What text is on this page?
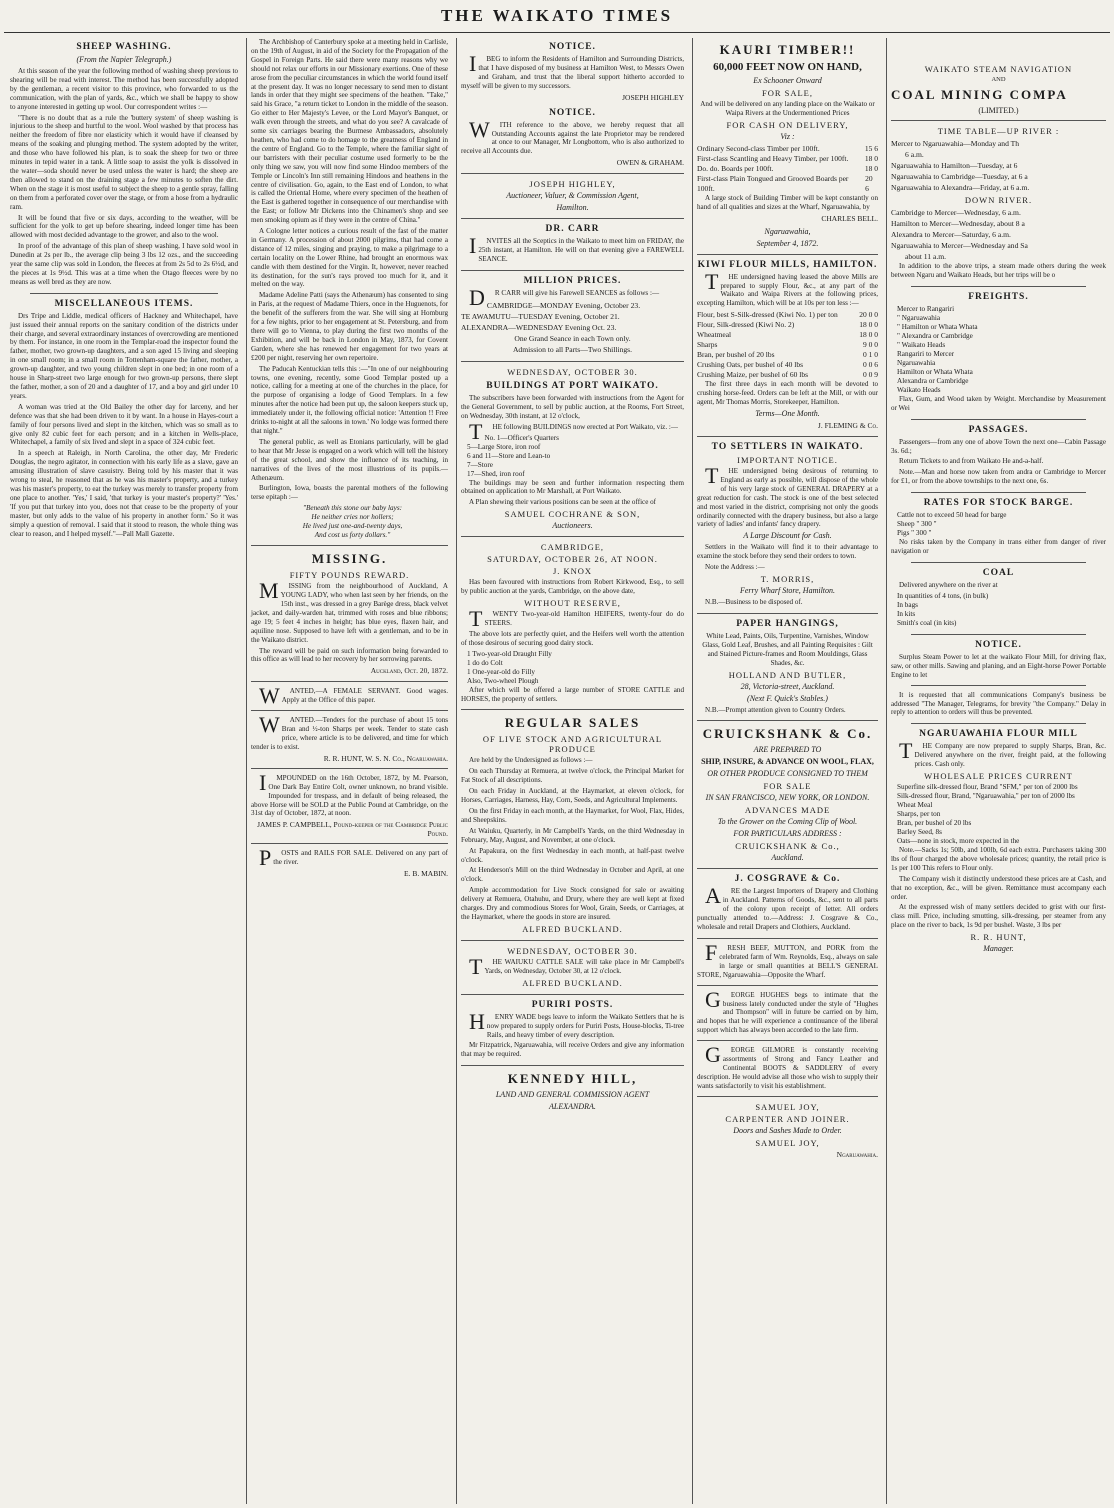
THE WAIKATO TIMES
SHEEP WASHING.
(From the Napier Telegraph.)

At this season of the year the following method of washing sheep previous to shearing will be read with interest. The method has been successfully adopted by the gentleman, a recent visitor to this province, who forwarded to us the communication, with the plan of yards, &c., which we shall be happy to show to anyone interested in getting up wool. Our correspondent writes :—

"There is no doubt that as a rule the 'buttery system' of sheep washing is injurious to the sheep and hurtful to the wool. Wool washed by that process has neither the freedom of fibre nor elasticity which it would have if cleansed by means of the soaking and plunging method. The system adopted by the writer, and those who have followed his plan, is to soak the sheep for two or three minutes in tepid water in a tank. A little soap to assist the yolk is dissolved in the water—soda should never be used unless the water is hard; the sheep are then allowed to stand on the draining stage a few minutes to soften the dirt. When on the stage it is most useful to subject the sheep to a gentle spray, falling on them from a perforated cover over the stage, or from a hose from a hydraulic ram.

It will be found that five or six days, according to the weather, will be sufficient for the yolk to get up before shearing, indeed longer time has been allowed with most decided advantage to the grower, and also to the wool.

In proof of the advantage of this plan of sheep washing, I have sold wool in Dunedin at 2s per lb., the average clip being 3 lbs 12 ozs., and the succeeding year the same clip was sold in London, the fleeces at from 2s 5d to 2s 6½d, and the pieces at 1s 9½d. This was at a time when the Otago fleeces were by no means as well bred as they are now.

MISCELLANEOUS ITEMS.

Drs Tripe and Liddle, medical officers of Hackney and Whitechapel, have just issued their annual reports on the sanitary condition of the districts under their charge, and several extraordinary instances of overcrowding are mentioned by them. For instance, in one room in the Templar-road the inspector found the father, mother, two grown-up daughters, and a son aged 15 living and sleeping in one small room; in a small room in Tottenham-square the father, mother, a grown-up daughter, and two young children slept in one bed; in one room of a house in Sharp-street two large enough for two grown-up persons, there slept the father, mother, a son of 20 and a daughter of 17, and a boy and girl under 10 years.

A woman was tried at the Old Bailey the other day for larceny, and her defence was that she had been driven to it by want. In a house in Hayes-court a family of four persons lived and slept in the kitchen, which was so small as to give only 82 cubic feet for each person; and in a kitchen in Wells-place, Whitechapel, a family of six lived and slept in a space of 324 cubic feet.

In a speech at Raleigh, in North Carolina, the other day, Mr Frederic Douglas, the negro agitator, in connection with his early life as a slave, gave an amusing illustration of slave casuistry. Being told by his master that it was wrong to steal, he reasoned that as he was his master's property, and a turkey was his master's property, to eat the turkey was merely to transfer property from one place to another. 'Yes,' I said, 'that turkey is your master's property?' 'Yes.' 'If you put that turkey into you, does not that cease to be the property of your master, but only adds to the value of his property in another form.' So it was simply a question of removal. I said that it stood to reason, the whole thing was clear to reason, and I helped myself."—Pall Mall Gazette.

The Archbishop of Canterbury spoke at a meeting held in Carlisle, on the 19th of August, in aid of the Society for the Propagation of the Gospel in Foreign Parts. He said there were many reasons why we should not relax our efforts in our Missionary exertions. One of these arose from the peculiar circumstances in which the world found itself at the present day. It was no longer necessary to send men to distant lands in order that they might see specimens of the heathen. "Take," said his Grace, "a return ticket to London in the middle of the season. Go either to Her Majesty's Levee, or the Lord Mayor's Banquet, or walk even through the streets, and what do you see? A cavalcade of some six carriages bearing the Burmese Ambassadors, absolutely heathen, who had come to do homage to the greatness of England in the centre of England. Go to the Temple, where the familiar sight of our barristers with their peculiar costume used formerly to be the only thing we saw, you will now find some Hindoo members of the Temple or Lincoln's Inn still remaining Hindoos and heathens in the centre of civilisation. Go, again, to the East end of London, to what is called the Oriental Home, where every specimen of the heathen of the East is gathered together in consequence of our merchandise with the East; or follow Mr Dickens into the Chinamen's shop and see men smoking opium as if they were in the centre of China."

A Cologne letter notices a curious result of the fast of the matter in Germany. A procession of about 2000 pilgrims, that had come a distance of 12 miles, singing and praying, to make a pilgrimage to a certain locality on the Lower Rhine, had brought an enormous wax candle with them destined for the Virgin. It, however, never reached its destination, for the sun's rays proved too much for it, and it melted on the way.

Madame Adeline Patti (says the Athenæum) has consented to sing in Paris, at the request of Madame Thiers, once in the Huguenots, for the benefit of the sufferers from the war. She will sing at Homburg for a few nights, prior to her engagement at St. Petersburg, and from there will go to Vienna, to play during the first two months of the Exhibition, and will be back in London in May, 1873, for Covent Garden, where she has renewed her engagement for two years at £200 per night, reserving her own repertoire.

The Paducah Kentuckian tells this :—"In one of our neighbouring towns, one evening, recently, some Good Templar posted up a notice, calling for a meeting at one of the churches in the place, for the purpose of organising a lodge of Good Templars. In a few minutes after the notice had been put up, the saloon keepers stuck up, immediately under it, the following official notice: 'Attention !! Free drinks to-night at all the saloons in town.' No lodge was formed there that night."

The general public, as well as Etonians particularly, will be glad to hear that Mr Jesse is engaged on a work which will tell the history of the great school, and show the influence of its teaching, in narratives of the lives of the most illustrious of its pupils.—Athenæum.

Burlington, Iowa, boasts the parental mothers of the following terse epitaph :—

"Beneath this stone our baby lays:
He neither cries nor hollers;
He lived just one-and-twenty days,
And cost us forty dollars."
MISSING.
FIFTY POUNDS REWARD.

MISSING from the neighbourhood of Auckland, A YOUNG LADY, who when last seen by her friends, on the 15th inst., was dressed in a grey Barège dress, black velvet jacket, and daily-warden hat, trimmed with roses and blue ribbons; age 19; 5 feet 4 inches in height; has blue eyes, flaxen hair, and aquiline nose. Supposed to have left with a gentleman, and to be in the Waikato district.

The reward will be paid on such information being forwarded to this office as will lead to her recovery by her sorrowing parents.

Auckland, Oct. 20, 1872.

WANTED,—A FEMALE SERVANT. Good wages. Apply at the Office of this paper.

WANTED.—Tenders for the purchase of about 15 tons Bran and ½-ton Sharps per week. Tender to state cash price, where article is to be delivered, and time for which tender is to exist.

R. R. HUNT, W. S. N. Co., Ngaruawahia.

IMPOUNDED on the 16th October, 1872, by M. Pearson, One Dark Bay Entire Colt, owner unknown, no brand visible. Impounded for trespass, and in default of being released, the above Horse will be SOLD at the Public Pound at Cambridge, on the 31st day of October, 1872, at noon.

JAMES P. CAMPBELL, Pound-keeper of the Cambridge Public Pound.

POSTS and RAILS FOR SALE. Delivered on any part of the river.

E. B. MABIN.
NOTICE.

IBEG to inform the Residents of Hamilton and Surrounding Districts, that I have disposed of my business at Hamilton West, to Messrs Owen and Graham, and trust that the liberal support hitherto accorded to myself will be given to my successors.

JOSEPH HIGHLEY
NOTICE.

WITH reference to the above, we hereby request that all Outstanding Accounts against the late Proprietor may be rendered at once to our Manager, Mr Longbottom, who is also authorized to receive all Accounts due.

OWEN & GRAHAM.
JOSEPH HIGHLEY,
Auctioneer, Valuer, & Commission Agent,
Hamilton.
DR. CARR

INVITES all the Sceptics in the Waikato to meet him on FRIDAY, the 25th instant, at Hamilton. He will on that evening give a FAREWELL SEANCE.

MILLION PRICES.

DR CARR will give his Farewell SEANCES as follows :—

CAMBRIDGE—MONDAY Evening, October 23.
TE AWAMUTU—TUESDAY Evening, October 21.
ALEXANDRA—WEDNESDAY Evening Oct. 23.
One Grand Seance in each Town only.
Admission to all Parts—Two Shillings.
WEDNESDAY, OCTOBER 30.
BUILDINGS AT PORT WAIKATO.

The subscribers have been forwarded with instructions from the Agent for the General Government, to sell by public auction, at the Rooms, Fort Street, on Wednesday, 30th instant, at 12 o'clock,

THE following BUILDINGS now erected at Port Waikato, viz. :—

No. 1—Officer's Quarters
5—Large Store, iron roof
6 and 11—Store and Lean-to
7—Store
17—Shed, iron roof

The buildings may be seen and further information respecting them obtained on application to Mr Marshall, at Port Waikato.

A Plan shewing their various positions can be seen at the office of

SAMUEL COCHRANE & SON,
Auctioneers.
CAMBRIDGE,
SATURDAY, OCTOBER 26, AT NOON.
J. KNOX

Has been favoured with instructions from Robert Kirkwood, Esq., to sell by public auction at the yards, Cambridge, on the above date,

WITHOUT RESERVE,

TWENTY Two-year-old Hamilton HEIFERS, twenty-four do do STEERS.

The above lots are perfectly quiet, and the Heifers well worth the attention of those desirous of securing good dairy stock.

1 Two-year-old Draught Filly
1 do do Colt
1 One-year-old do Filly
Also, Two-wheel Plough

After which will be offered a large number of STORE CATTLE and HORSES, the property of settlers.

REGULAR SALES
OF LIVE STOCK AND AGRICULTURAL PRODUCE

Are held by the Undersigned as follows :—

On each Thursday at Remuera, at twelve o'clock, the Principal Market for Fat Stock of all descriptions.

On each Friday in Auckland, at the Haymarket, at eleven o'clock, for Horses, Carriages, Harness, Hay, Corn, Seeds, and Agricultural Implements.

On the first Friday in each month, at the Haymarket, for Wool, Flax, Hides, and Sheepskins.

At Waiuku, Quarterly, in Mr Campbell's Yards, on the third Wednesday in February, May, August, and November, at one o'clock.

At Papakura, on the first Wednesday in each month, at half-past twelve o'clock.

At Henderson's Mill on the third Wednesday in October and April, at one o'clock.

Ample accommodation for Live Stock consigned for sale or awaiting delivery at Remuera, Otahuhu, and Drury, where they are well kept at fixed charges. Dry and commodious Stores for Wool, Grain, Seeds, or Carriages, at the Haymarket, where the goods in store are insured.

ALFRED BUCKLAND.
WEDNESDAY, OCTOBER 30.

THE WAIUKU CATTLE SALE will take place in Mr Campbell's Yards, on Wednesday, October 30, at 12 o'clock.

ALFRED BUCKLAND.
PURIRI POSTS.

HENRY WADE begs leave to inform the Waikato Settlers that he is now prepared to supply orders for Puriri Posts, House-blocks, Ti-tree Rails, and heavy timber of every description.

Mr Fitzpatrick, Ngaruawahia, will receive Orders and give any information that may be required.

KENNEDY HILL,
LAND AND GENERAL COMMISSION AGENT
ALEXANDRA.
KAURI TIMBER!!
60,000 FEET NOW ON HAND,
Ex Schooner Onward
FOR SALE,

And will be delivered on any landing place on the Waikato or Waipa Rivers at the Undermentioned Prices

FOR CASH ON DELIVERY,
Viz :
Ordinary Second-class Timber per 100ft.	15 6
First-class Scantling and Heavy Timber, per 100ft. 18 0
Do. do. Boards per 100ft.	18 0
First-class Plain Tongued and Grooved Boards per 100ft.
20 6

A large stock of Building Timber will be kept constantly on hand of all qualities and sizes at the Wharf, Ngaruawahia, by

CHARLES BELL.
Ngaruawahia,
September 4, 1872.
KIWI FLOUR MILLS, HAMILTON.

THE undersigned having leased the above Mills are prepared to supply Flour, &c., at any part of the Waikato and Waipa Rivers at the following prices, excepting Hamilton, which will be at 10s per ton less :—

Flour, best S-Silk-dressed (Kiwi No. 1) per ton	20 0 0
Flour, Silk-dressed (Kiwi No. 2)	18 0 0
Wheatmeal	18 0 0
Sharps	9 0 0
Bran, per bushel of 20 lbs	0 1 0
Crushing Oats, per bushel of 40 lbs	0 0 6
Crushing Maize, per bushel of 60 lbs	0 0 9

The first three days in each month will be devoted to crushing horse-feed. Orders can be left at the Mill, or with our agent, Mr Thomas Morris, Storekeeper, Hamilton.

Terms—One Month.
J. FLEMING & Co.
TO SETTLERS IN WAIKATO.
IMPORTANT NOTICE.

THE undersigned being desirous of returning to England as early as possible, will dispose of the whole of his very large stock of GENERAL DRAPERY at a great reduction for cash. The stock is one of the best selected and most varied in the district, comprising not only the goods ordinarily connected with the drapery business, but also a large variety of ladies' and infants' fancy drapery.

A Large Discount for Cash.

Settlers in the Waikato will find it to their advantage to examine the stock before they send their orders to town.

Note the Address :—

T. MORRIS,
Ferry Wharf Store, Hamilton.

N.B.—Business to be disposed of.

PAPER HANGINGS,

White Lead, Paints, Oils, Turpentine, Varnishes, Window Glass, Gold Leaf, Brushes, and all Painting Requisites : Gilt and Stained Picture-frames and Room Mouldings, Glass Shades, &c.

HOLLAND AND BUTLER,
28, Victoria-street, Auckland.
(Next F. Quick's Stables.)

N.B.—Prompt attention given to Country Orders.

CRUICKSHANK & Co.
ARE PREPARED TO
SHIP, INSURE, & ADVANCE ON WOOL, FLAX,
OR OTHER PRODUCE CONSIGNED TO THEM
FOR SALE
IN SAN FRANCISCO, NEW YORK, OR LONDON.
ADVANCES MADE
To the Grower on the Coming Clip of Wool.
FOR PARTICULARS ADDRESS :
CRUICKSHANK & Co.,
Auckland.
J. COSGRAVE & Co.

ARE the Largest Importers of Drapery and Clothing in Auckland. Patterns of Goods, &c., sent to all parts of the colony upon receipt of letter. All orders punctually attended to.—Address: J. Cosgrave & Co., wholesale and retail Drapers and Clothiers, Auckland.

FRESH BEEF, MUTTON, and PORK from the celebrated farm of Wm. Reynolds, Esq., always on sale in large or small quantities at BELL'S GENERAL STORE, Ngaruawahia—Opposite the Wharf.

GEORGE HUGHES begs to intimate that the business lately conducted under the style of "Hughes and Thompson" will in future be carried on by him, and hopes that he will experience a continuance of the liberal support which has always been accorded to the late firm.

GEORGE GILMORE is constantly receiving assortments of Strong and Fancy Leather and Continental BOOTS & SADDLERY of every description. He would advise all those who wish to supply their wants satisfactorily to visit his establishment.

SAMUEL JOY,
CARPENTER AND JOINER.
Doors and Sashes Made to Order.
SAMUEL JOY,
Ngaruawahia.
WAIKATO STEAM NAVIGATION
AND
COAL MINING COMPA
(LIMITED.)
TIME TABLE—UP RIVER :
Mercer to Ngaruawahia—Monday and Th
6 a.m.
Ngaruawahia to Hamilton—Tuesday, at 6
Ngaruawahia to Cambridge—Tuesday, at 6 a
Ngaruawahia to Alexandra—Friday, at 6 a.m.
DOWN RIVER.
Cambridge to Mercer—Wednesday, 6 a.m.
Hamilton to Mercer—Wednesday, about 8 a
Alexandra to Mercer—Saturday, 6 a.m.
Ngaruawahia to Mercer—Wednesday and Sa
about 11 a.m.

In addition to the above trips, a steam made others during the week between Ngaru and Waikato Heads, but her trips will be o

FREIGHTS.
Mercer to Rangariri
" Ngaruawahia
" Hamilton or Whata Whata
" Alexandra or Cambridge
" Waikato Heads
Rangariri to Mercer
Ngaruawahia
Hamilton or Whata Whata
Alexandra or Cambridge
Waikato Heads

Flax, Gum, and Wood taken by Weight. Merchandise by Measurement or Wei

PASSAGES.

Passengers—from any one of above Town the next one—Cabin Passage 3s. 6d.;

Return Tickets to and from Waikato He and-a-half.

Note.—Man and horse now taken from andra or Cambridge to Mercer for £1, or from the above townships to the next one, 6s.

RATES FOR STOCK BARGE.
Cattle not to exceed 50 head for barge
Sheep " 300 "
Pigs " 300 "

No risks taken by the Company in trans either from danger of river navigation or

COAL

Delivered anywhere on the river at

In quantities of 4 tons, (in bulk)
In bags
In kits
Smith's coal (in kits)
NOTICE.

Surplus Steam Power to let at the waikato Flour Mill, for driving flax, saw, or other mills. Sawing and planing, and an Eight-horse Power Portable Engine to let

It is requested that all communications Company's business be addressed "The Manager, Telegrams, for brevity "the Company." Delay in reply to attention to orders will thus be prevented.

NGARUAWAHIA FLOUR MILL

THE Company are now prepared to supply Sharps, Bran, &c. Delivered anywhere on the river, freight paid, at the following prices. Cash only.

WHOLESALE PRICES CURRENT
Superfine silk-dressed flour, Brand "SFM," per ton of 2000 lbs
Silk-dressed flour, Brand, "Ngaruawahia," per ton of 2000 lbs
Wheat Meal
Sharps, per ton
Bran, per bushel of 20 lbs
Barley Seed, 8s
Oats—none in stock, more expected in the

Note.—Sacks 1s; 50lb, and 100lb, 6d each extra. Purchasers taking 300 lbs of flour charged the above wholesale prices; quantity, the retail price is 1s per 100 This refers to Flour only.

The Company wish it distinctly understood these prices are at Cash, and that no exception, &c., will be given. Remittance must accompany each order.

At the expressed wish of many settlers decided to grist with our first-class mill. Price, including smutting, silk-dressing, per steamer from any place on the river to back, 1s 9d per bushel. Waste, 3 lbs per

R. R. HUNT,
Manager.
